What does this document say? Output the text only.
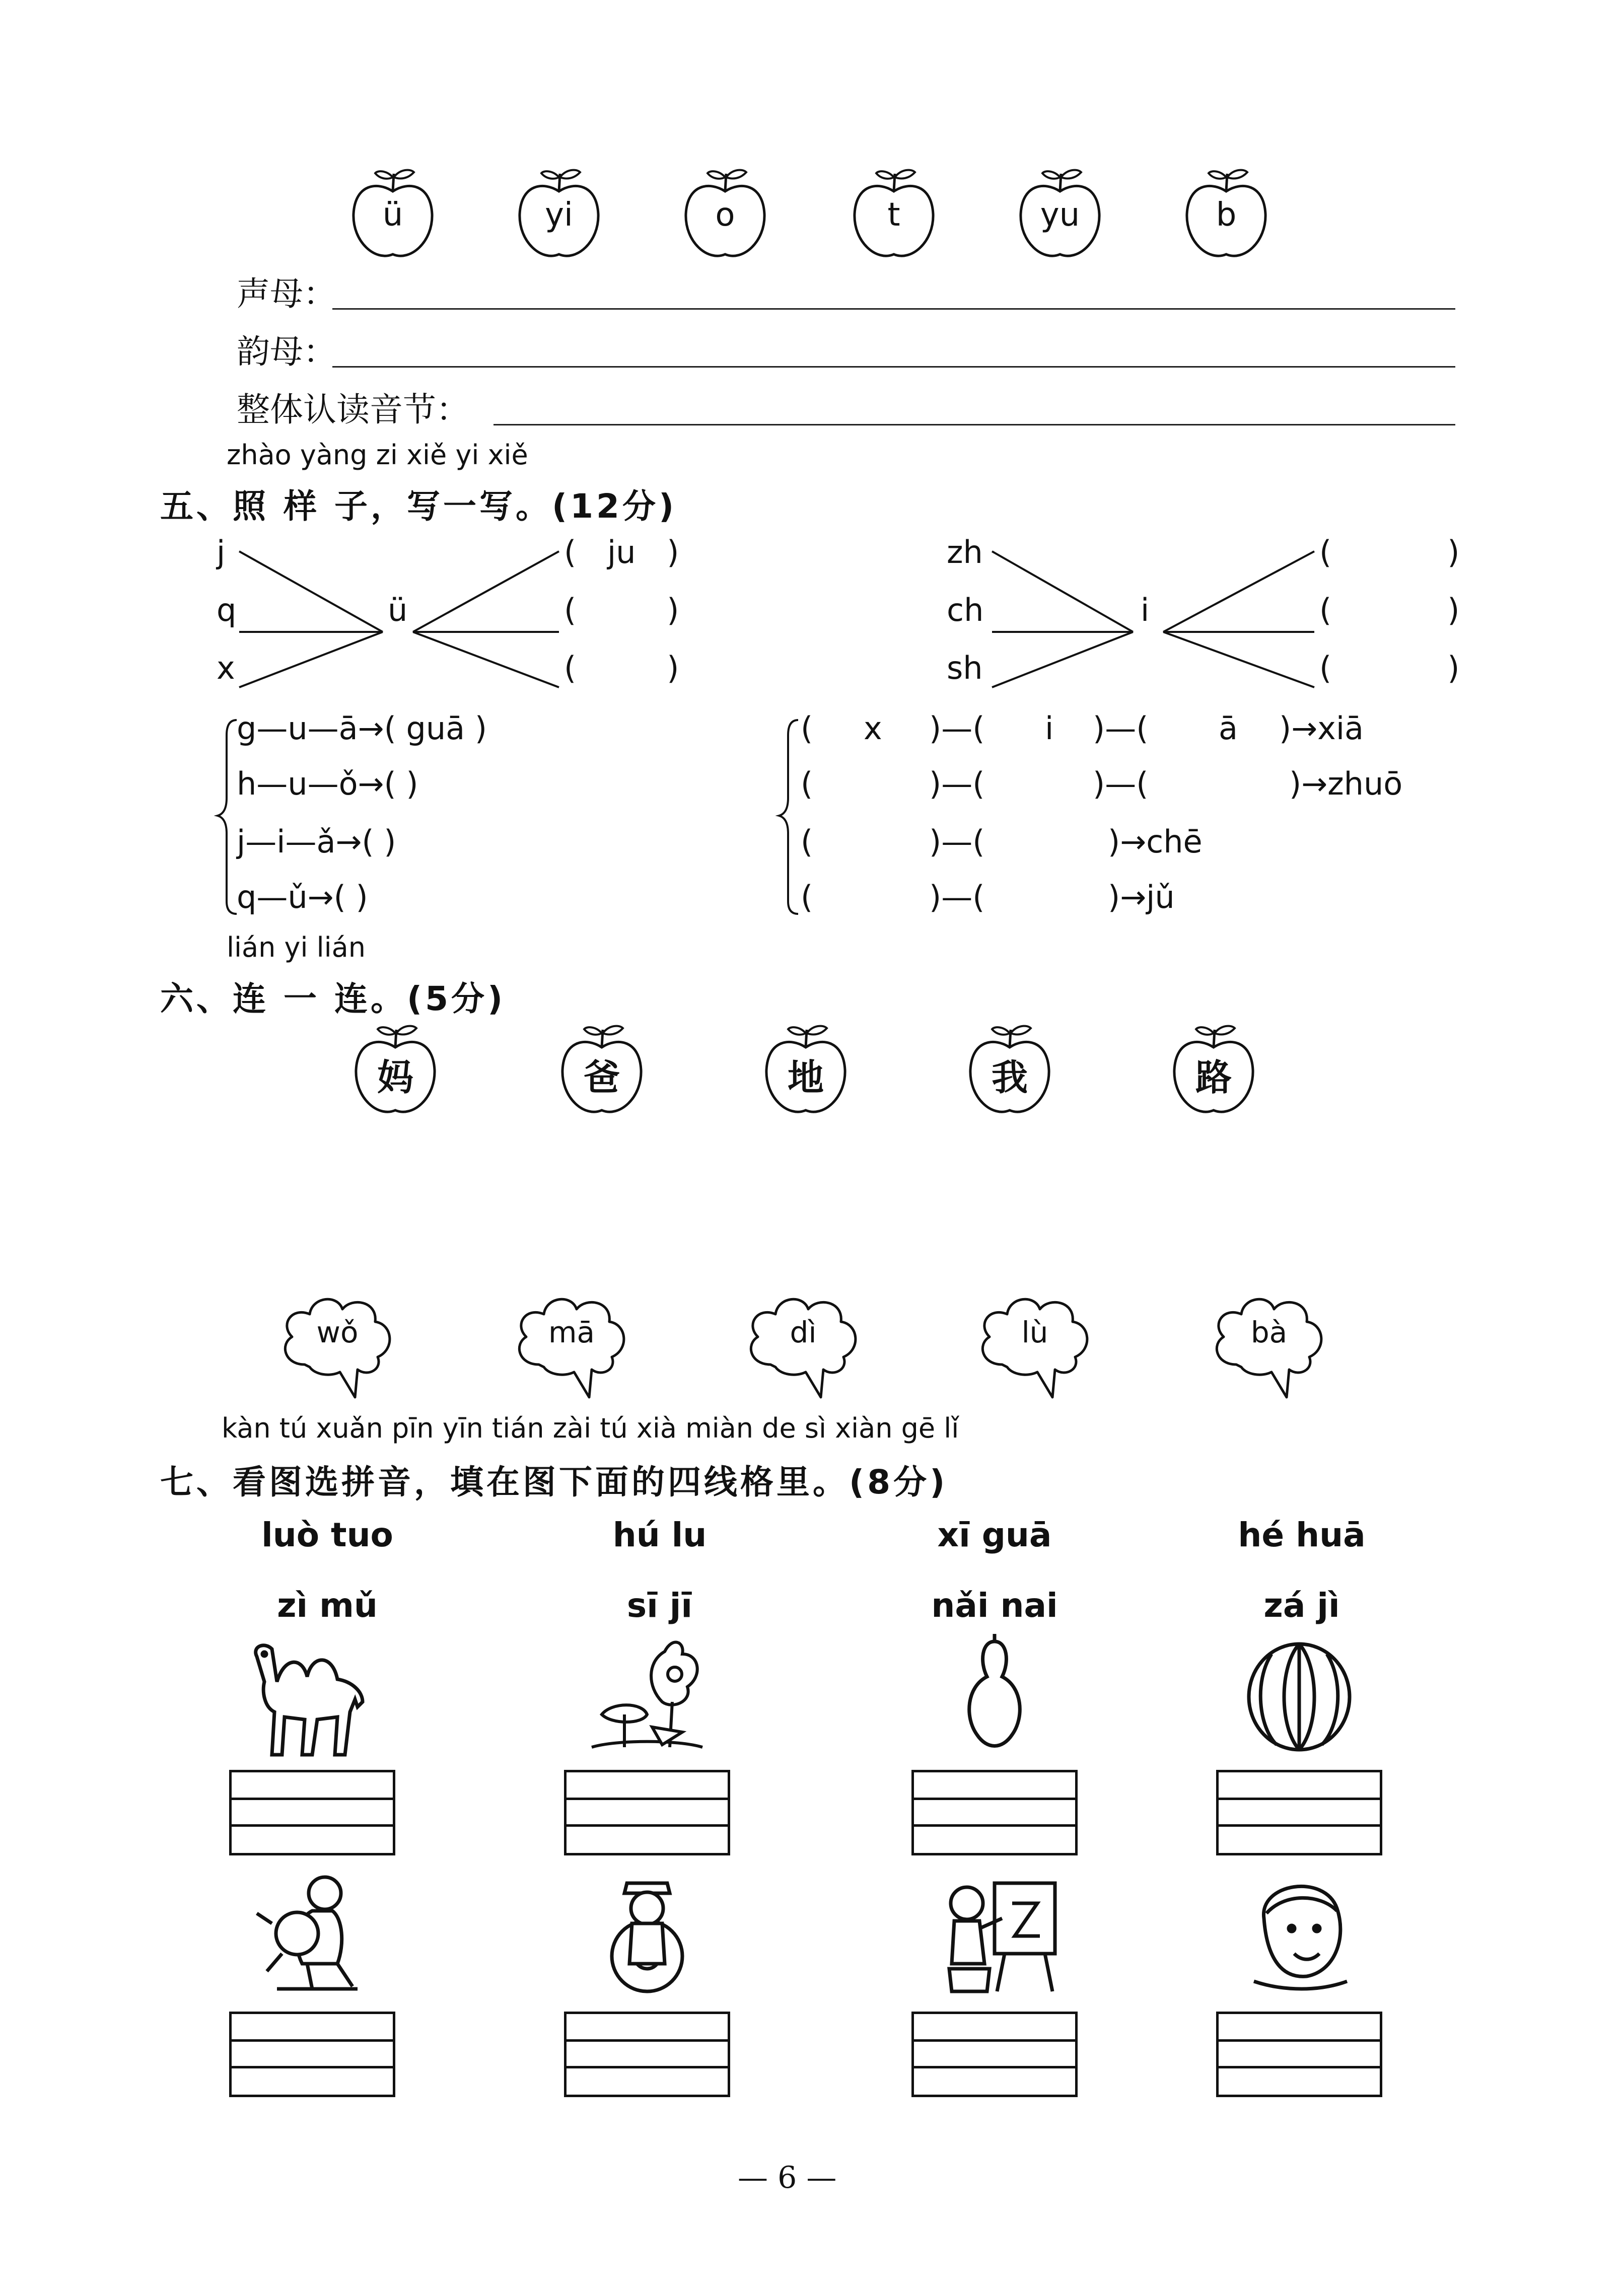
ü	yi	o	t	yu	b
声母：
韵母：
整体认读音节：
zhào yàng zi xiě yi xiě
五、照 样 子，写一写。(12分)
j
q
x
ü
( ju )
(	)
(	)
zh
ch
sh
i
(	)
(	)
(	)
g—u—ā→( guā )
h—u—ǒ→( )
j—i—ǎ→( )
q—ǔ→( )
( x )—( i )—( ā )→xiā
(	)—(	)—(	)→zhuō
(	)—(	)→chē
(	)—(	)→jǔ
lián yi lián
六、连 一 连。(5分)
妈	爸	地	我	路
wǒ	mā	dì	lù	bà
kàn tú xuǎn pīn yīn tián zài tú xià miàn de sì xiàn gē lǐ
七、看图选拼音，填在图下面的四线格里。(8分)
luò tuo	hú lu	xī guā	hé huā
zì mǔ	sī jī	nǎi nai	zá jì
— 6 —
